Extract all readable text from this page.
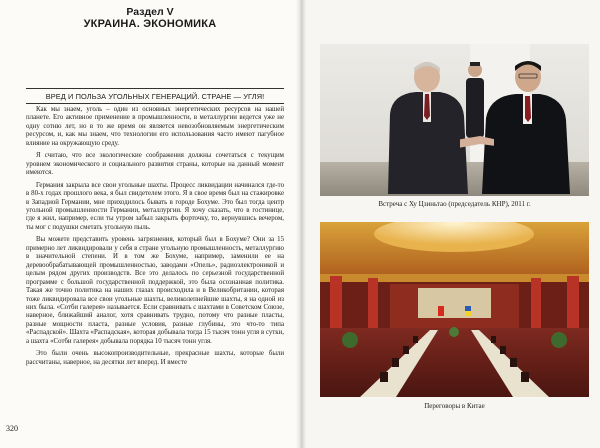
Раздел V
УКРАИНА. ЭКОНОМИКА
ВРЕД И ПОЛЬЗА УГОЛЬНЫХ ГЕНЕРАЦИЙ. СТРАНЕ — УГЛЯ!

Как мы знаем, уголь – один из основных энергетических ресурсов на нашей планете. Его активное применение в промышленности, в металлургии ведется уже не одну сотню лет, но в то же время он является невозобновляемым энергетическим ресурсом, и, как мы знаем, что технологии его использования часто имеют пагубное влияние на окружающую среду.

Я считаю, что все экологические соображения должны сочетаться с текущим уровнем экономического и социального развития страны, которые на данный момент имеются.

Германия закрыла все свои угольные шахты. Процесс ликвидации начинался где-то в 80-х годах прошлого века, я был свидетелем этого. Я в свое время был на стажировке в Западной Германии, мне приходилось бывать в городе Бохуме. Это был тогда центр угольной промышленности Германии, металлургии. Я хочу сказать, что в гостинице, где я жил, например, если ты утром забыл закрыть форточку, то, вернувшись вечером, ты мог с подушки сметать угольную пыль.

Вы можете представить уровень загрязнения, который был в Бохуме? Они за 15 примерно лет ликвидировали у себя в стране угольную промышленность, металлургию в значительной степени. И в том же Бохуме, например, заменили ее на деревообрабатывающей промышленностью, заводами «Опель», радиоэлектроникой и целым рядом других производств. Все это делалось по серьезной государственной программе с большой государственной поддержкой, это была осознанная политика. Такая же точно политика на наших глазах происходила и в Великобритании, которая тоже ликвидировала все свои угольные шахты, великолепнейшие шахты, я на одной из них была. «Сотби галерея» называется. Если сравнивать с шахтами в Советском Союзе, наверное, ближайший аналог, хотя сравнивать трудно, потому что разные пласты, разные мощности пласта, разные условия, разные глубины, это что-то типа «Распадской». Шахта «Распадская», которая добывала тогда 15 тысяч тонн угля в сутки, а шахта «Сотби галерея» добывала порядка 10 тысяч тонн угля.

Это были очень высокопроизводительные, прекрасные шахты, которые были рассчитаны, наверное, на десятки лет вперед. И вместе

320
Встреча с Ху Цзиньтао (председатель КНР), 2011 г.
Переговоры в Китае
